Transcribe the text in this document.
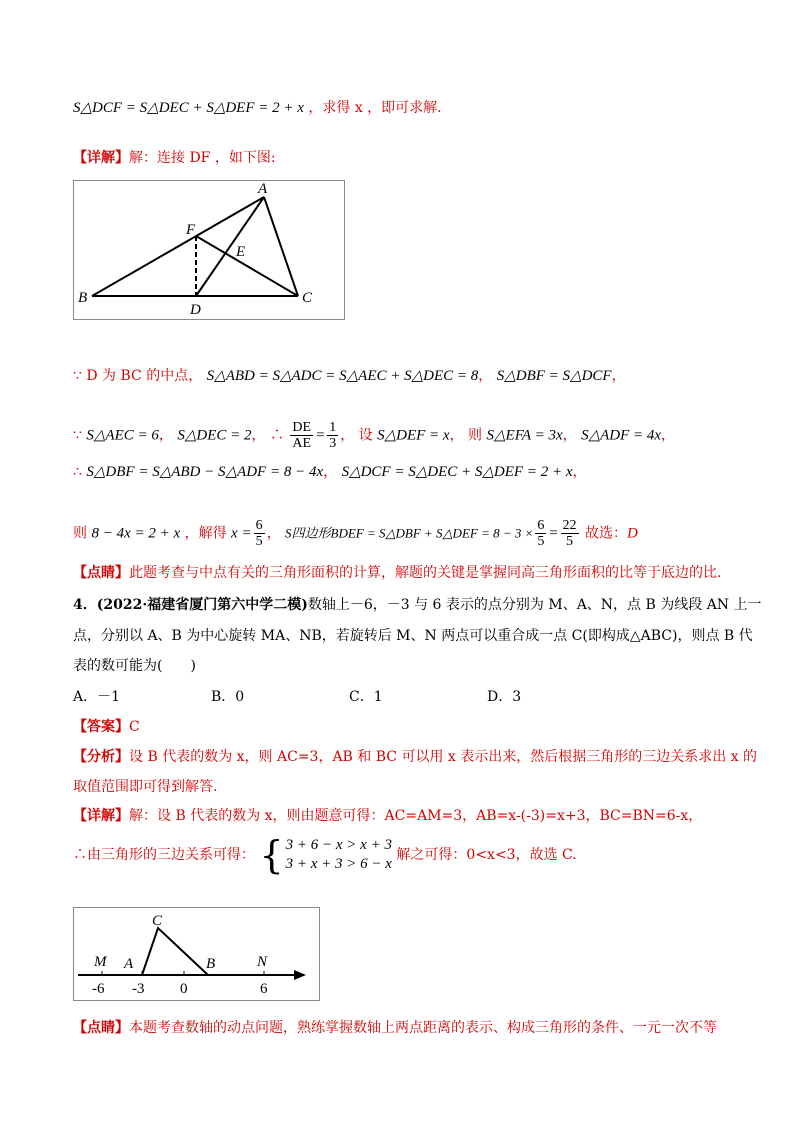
S△DCF = S△DEC + S△DEF = 2 + x ，求得 x ，即可求解.
【详解】解：连接 DF ，如下图:
A
B	C
D
E
F
∵ D 为 BC 的中点， S△ABD = S△ADC = S△AEC + S△DEC = 8， S△DBF = S△DCF，
∵ S△AEC = 6， S△DEC = 2， ∴ $\frac{DE}{AE} = \frac{1}{3}$ ， 设 S△DEF = x， 则 S△EFA = 3x， S△ADF = 4x，
∴ S△DBF = S△ABD − S△ADF = 8 − 4x， S△DCF = S△DEC + S△DEF = 2 + x，
则 8 − 4x = 2 + x ，解得 $x = \frac{6}{5}$ ， S四边形BDEF = S△DBF + S△DEF = $8 - 3 \times \frac{6}{5} = \frac{22}{5}$ 故选：D
【点睛】此题考查与中点有关的三角形面积的计算，解题的关键是掌握同高三角形面积的比等于底边的比.
4．(2022·福建省厦门第六中学二模)数轴上－6，－3 与 6 表示的点分别为 M、A、N，点 B 为线段 AN 上一
点，分别以 A、B 为中心旋转 MA、NB，若旋转后 M、N 两点可以重合成一点 C(即构成△ABC)，则点 B 代
表的数可能为(　　)
A．－1	B．0	C．1	D．3
【答案】C
【分析】设 B 代表的数为 x，则 AC=3，AB 和 BC 可以用 x 表示出来，然后根据三角形的三边关系求出 x 的
取值范围即可得到解答.
【详解】解：设 B 代表的数为 x，则由题意可得：AC=AM=3，AB=x-(-3)=x+3，BC=BN=6-x，
∴由三角形的三边关系可得： { 3 + 6 − x > x + 3
3 + x + 3 > 6 − x
解之可得：0<x<3，故选 C.
M A
C
B	N
-6 -3 0	6
【点睛】本题考查数轴的动点问题，熟练掌握数轴上两点距离的表示、构成三角形的条件、一元一次不等
